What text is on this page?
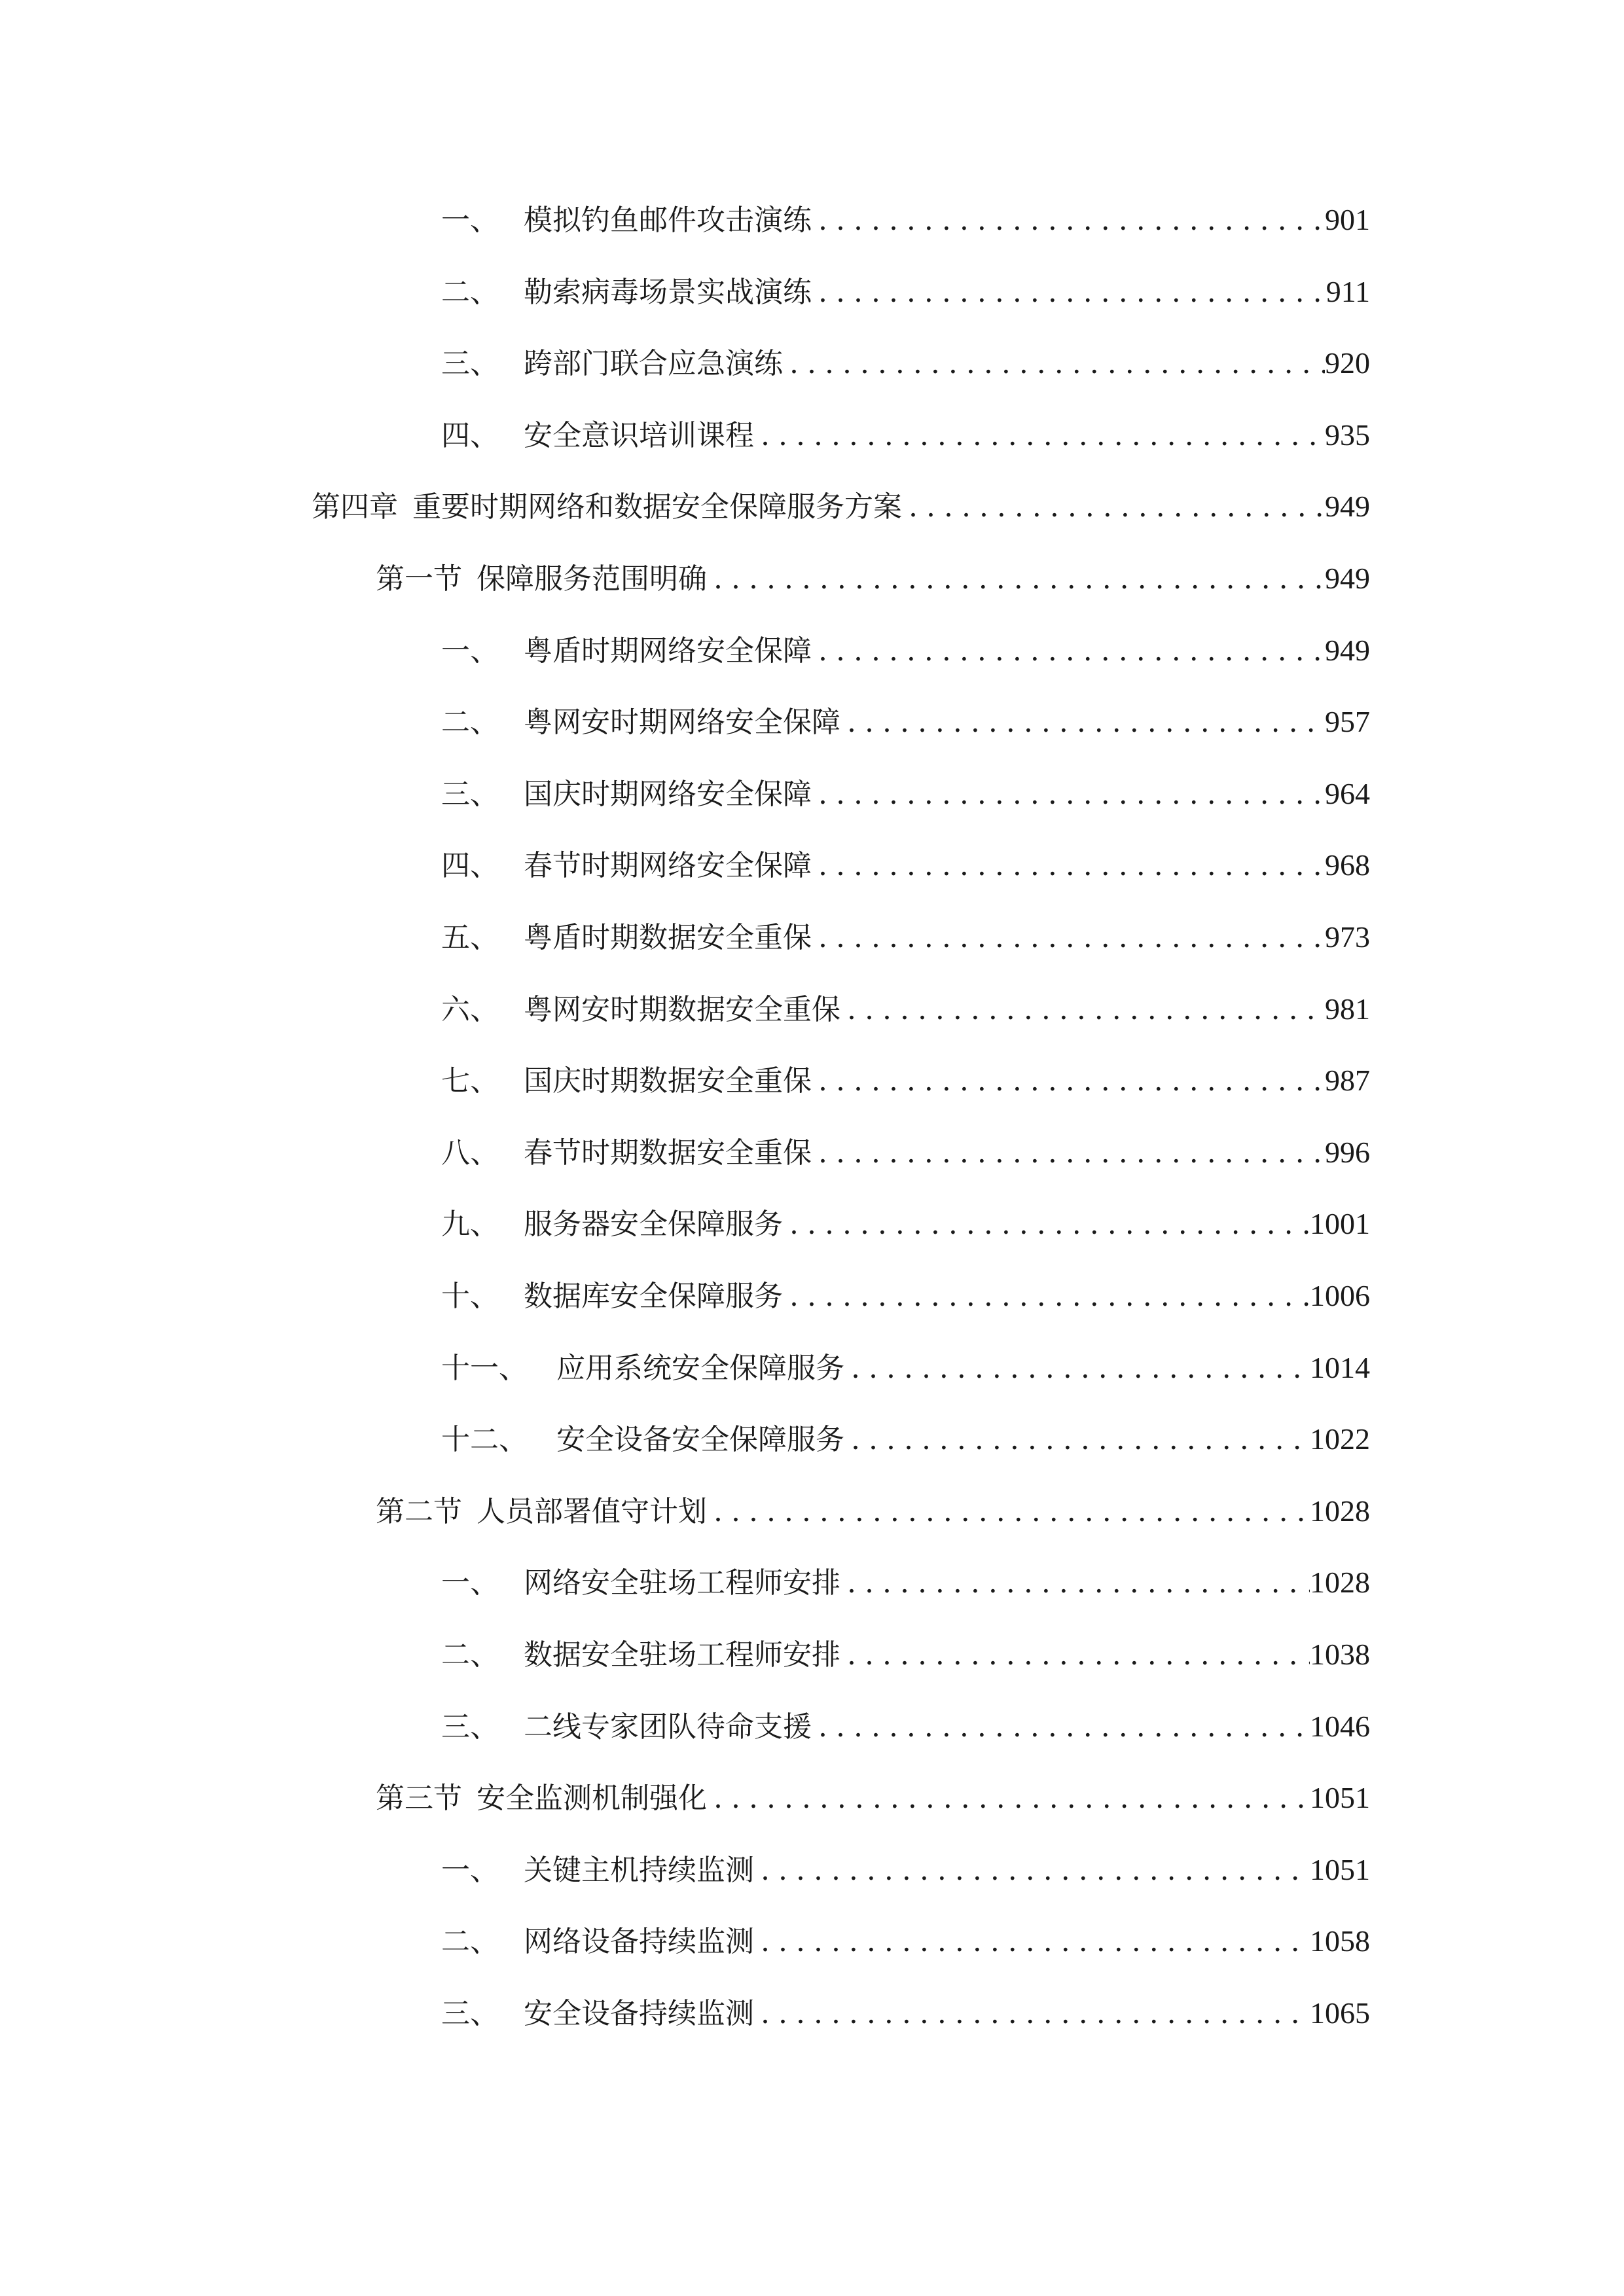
一、 模拟钓鱼邮件攻击演练 .....	901
二、 勒索病毒场景实战演练 .....	911
三、 跨部门联合应急演练 .....	920
四、 安全意识培训课程 .....	935
第四章 重要时期网络和数据安全保障服务方案 .....	949
第一节 保障服务范围明确 .....	949
一、 粤盾时期网络安全保障 .....	949
二、 粤网安时期网络安全保障 .....	957
三、 国庆时期网络安全保障 .....	964
四、 春节时期网络安全保障 .....	968
五、 粤盾时期数据安全重保 .....	973
六、 粤网安时期数据安全重保 .....	981
七、 国庆时期数据安全重保 .....	987
八、 春节时期数据安全重保 .....	996
九、 服务器安全保障服务 .....	1001
十、 数据库安全保障服务 .....	1006
十一、	应用系统安全保障服务 .....	1014
十二、	安全设备安全保障服务 .....	1022
第二节 人员部署值守计划 .....	1028
一、 网络安全驻场工程师安排 .....	1028
二、 数据安全驻场工程师安排 .....	1038
三、 二线专家团队待命支援 .....	1046
第三节 安全监测机制强化 .....	1051
一、 关键主机持续监测 .....	1051
二、 网络设备持续监测 .....	1058
三、 安全设备持续监测 .....	1065
